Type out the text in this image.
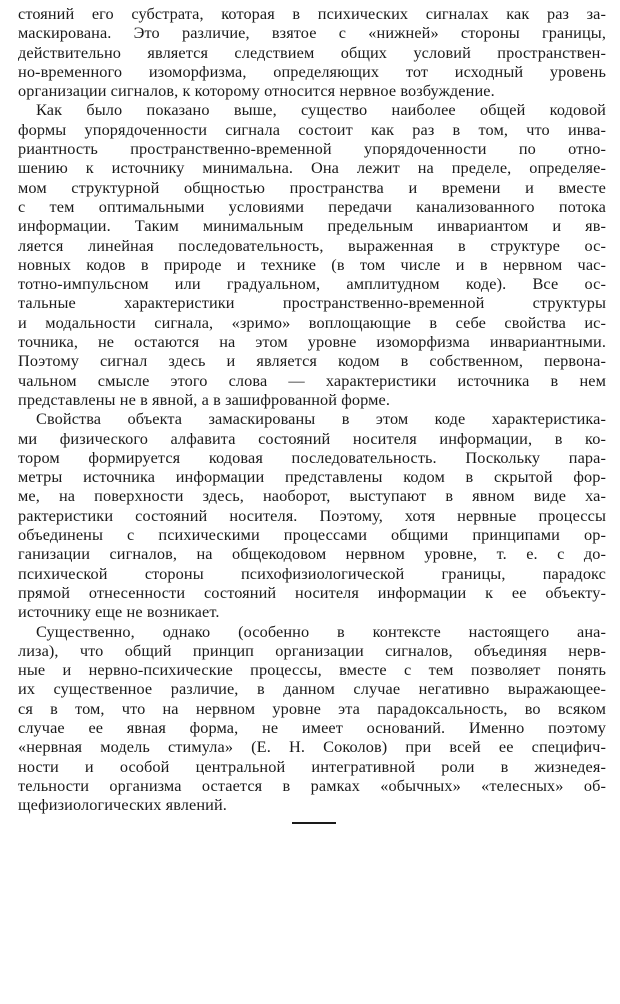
стояний его субстрата, которая в психических сигналах как раз за-
маскирована. Это различие, взятое с «нижней» стороны границы,
действительно является следствием общих условий пространствен-
но-временного изоморфизма, определяющих тот исходный уровень
организации сигналов, к которому относится нервное возбуждение.
Как было показано выше, существо наиболее общей кодовой
формы упорядоченности сигнала состоит как раз в том, что инва-
риантность пространственно-временной упорядоченности по отно-
шению к источнику минимальна. Она лежит на пределе, определяе-
мом структурной общностью пространства и времени и вместе
с тем оптимальными условиями передачи канализованного потока
информации. Таким минимальным предельным инвариантом и яв-
ляется линейная последовательность, выраженная в структуре ос-
новных кодов в природе и технике (в том числе и в нервном час-
тотно-импульсном или градуальном, амплитудном коде). Все ос-
тальные характеристики пространственно-временной структуры
и модальности сигнала, «зримо» воплощающие в себе свойства ис-
точника, не остаются на этом уровне изоморфизма инвариантными.
Поэтому сигнал здесь и является кодом в собственном, первона-
чальном смысле этого слова — характеристики источника в нем
представлены не в явной, а в зашифрованной форме.
Свойства объекта замаскированы в этом коде характеристика-
ми физического алфавита состояний носителя информации, в ко-
тором формируется кодовая последовательность. Поскольку пара-
метры источника информации представлены кодом в скрытой фор-
ме, на поверхности здесь, наоборот, выступают в явном виде ха-
рактеристики состояний носителя. Поэтому, хотя нервные процессы
объединены с психическими процессами общими принципами ор-
ганизации сигналов, на общекодовом нервном уровне, т. е. с до-
психической стороны психофизиологической границы, парадокс
прямой отнесенности состояний носителя информации к ее объекту-
источнику еще не возникает.
Существенно, однако (особенно в контексте настоящего ана-
лиза), что общий принцип организации сигналов, объединяя нерв-
ные и нервно-психические процессы, вместе с тем позволяет понять
их существенное различие, в данном случае негативно выражающее-
ся в том, что на нервном уровне эта парадоксальность, во всяком
случае ее явная форма, не имеет оснований. Именно поэтому
«нервная модель стимула» (Е. Н. Соколов) при всей ее специфич-
ности и особой центральной интегративной роли в жизнедея-
тельности организма остается в рамках «обычных» «телесных» об-
щефизиологических явлений.
